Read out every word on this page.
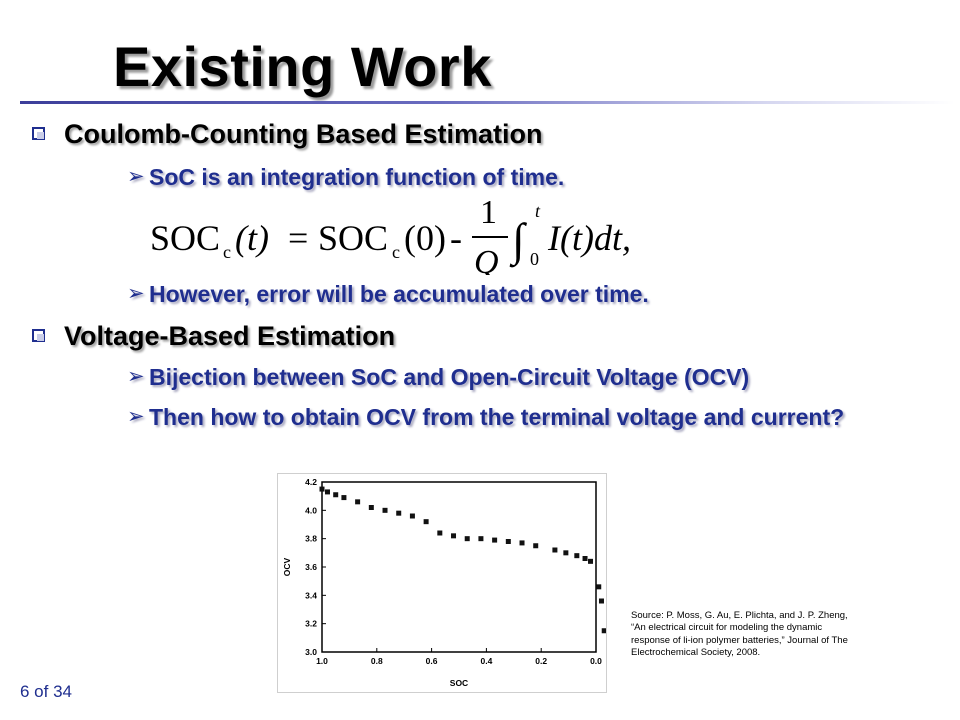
Existing Work
Coulomb-Counting Based Estimation
➢ SoC is an integration function of time.
SOC c (t) = SOC c (0) -
1
Q ∫
t
0
I(t)dt,
➢ However, error will be accumulated over time.
Voltage-Based Estimation
➢ Bijection between SoC and Open-Circuit Voltage (OCV)
➢ Then how to obtain OCV from the terminal voltage and current?
1.0	0.8	0.6	0.4	0.2	0.0
3.0
3.2
3.4
3.6
3.8
4.0
4.2
SOC
OCV
Source: P. Moss, G. Au, E. Plichta, and J. P. Zheng, “An electrical circuit for modeling the dynamic response of li-ion polymer batteries,” Journal of The Electrochemical Society, 2008.
6 of 34
